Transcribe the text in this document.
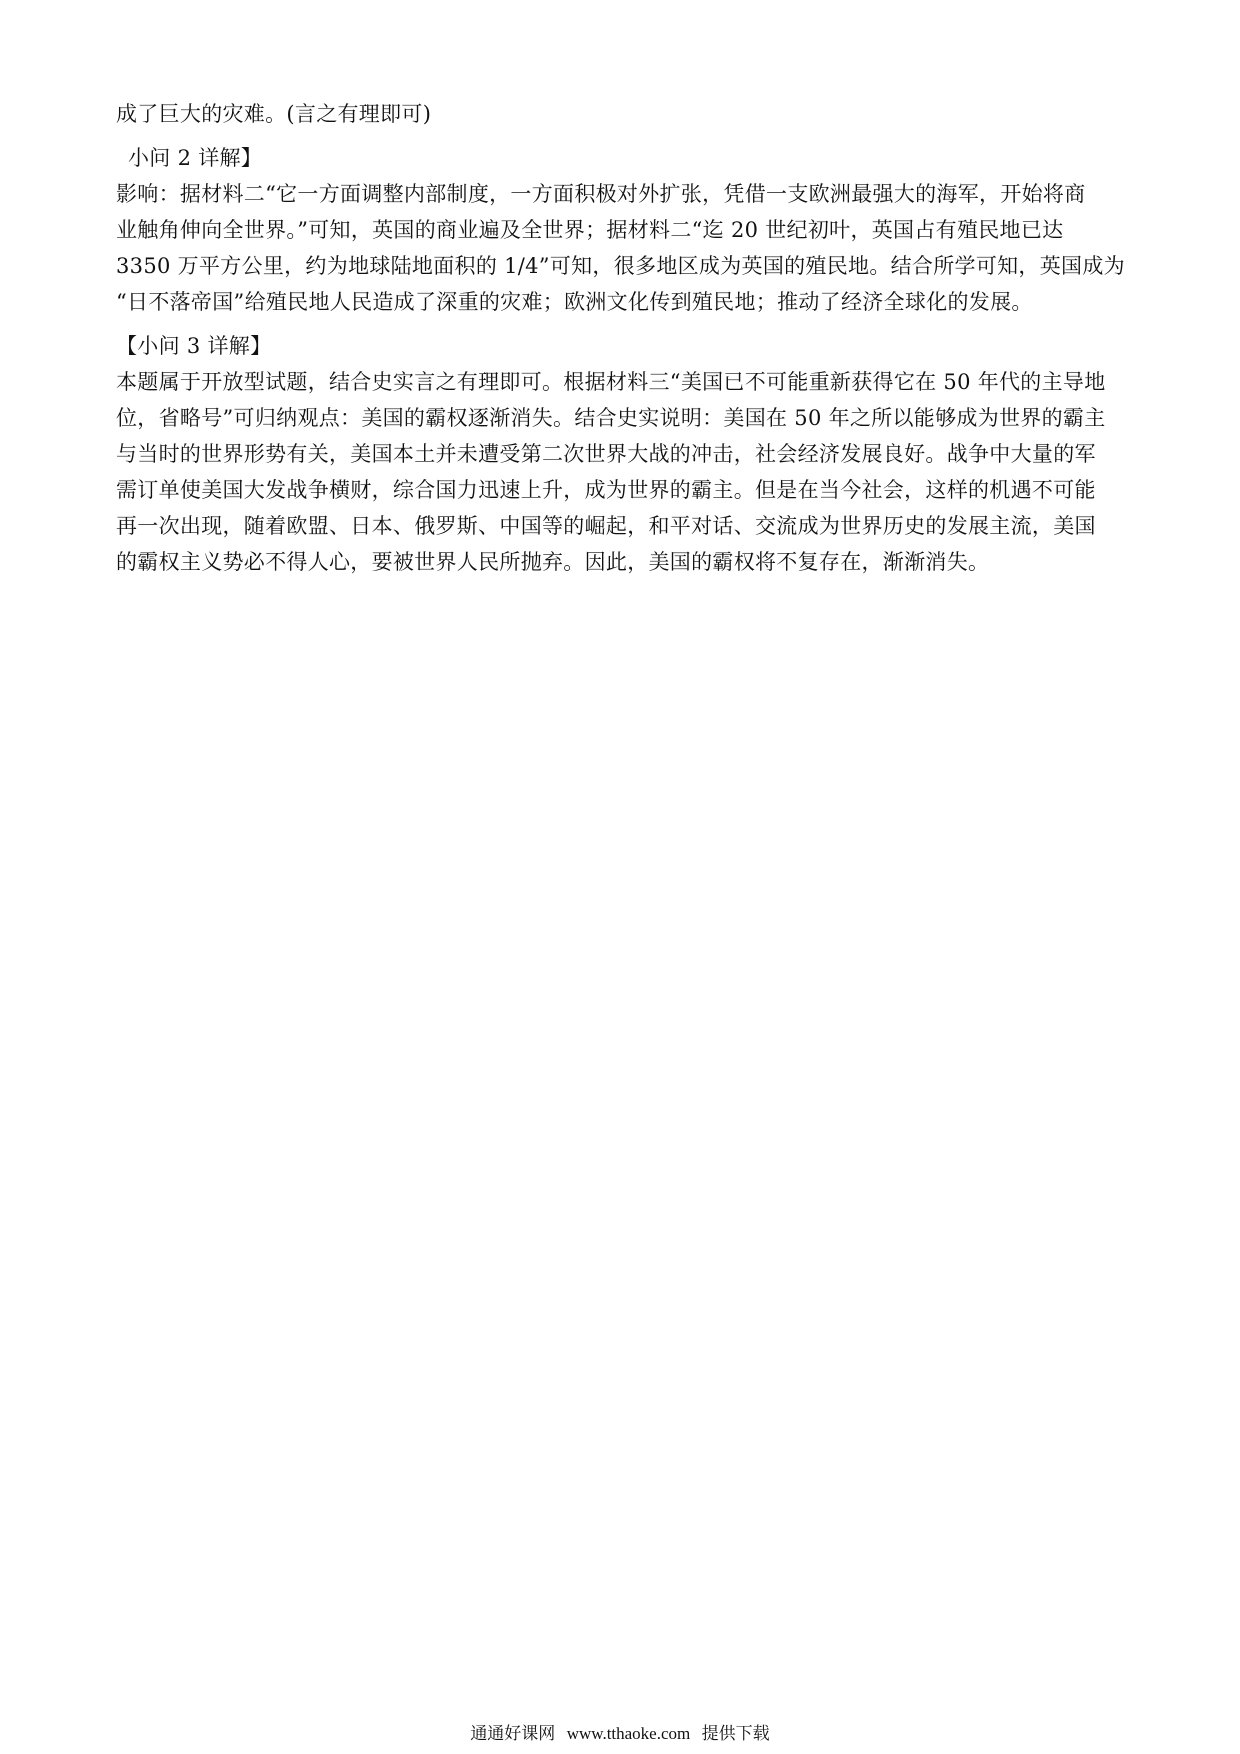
成了巨大的灾难。(言之有理即可)
小问 2 详解】
影响：据材料二“它一方面调整内部制度，一方面积极对外扩张，凭借一支欧洲最强大的海军，开始将商
业触角伸向全世界。”可知，英国的商业遍及全世界；据材料二“迄 20 世纪初叶，英国占有殖民地已达
3350 万平方公里，约为地球陆地面积的 1/4”可知，很多地区成为英国的殖民地。结合所学可知，英国成为
“日不落帝国”给殖民地人民造成了深重的灾难；欧洲文化传到殖民地；推动了经济全球化的发展。
【小问 3 详解】
本题属于开放型试题，结合史实言之有理即可。根据材料三“美国已不可能重新获得它在 50 年代的主导地
位，省略号”可归纳观点：美国的霸权逐渐消失。结合史实说明：美国在 50 年之所以能够成为世界的霸主
与当时的世界形势有关，美国本土并未遭受第二次世界大战的冲击，社会经济发展良好。战争中大量的军
需订单使美国大发战争横财，综合国力迅速上升，成为世界的霸主。但是在当今社会，这样的机遇不可能
再一次出现，随着欧盟、日本、俄罗斯、中国等的崛起，和平对话、交流成为世界历史的发展主流，美国
的霸权主义势必不得人心，要被世界人民所抛弃。因此，美国的霸权将不复存在，渐渐消失。
通通好课网 www.tthaoke.com 提供下载
